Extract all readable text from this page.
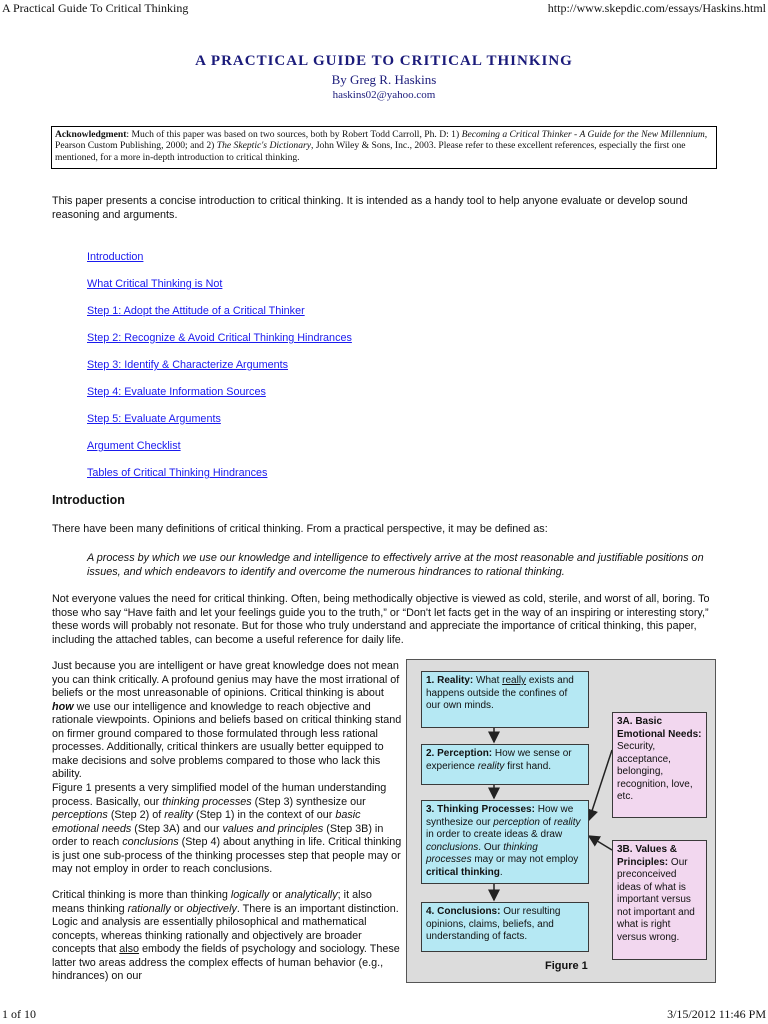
A Practical Guide To Critical Thinking	http://www.skepdic.com/essays/Haskins.html
A PRACTICAL GUIDE TO CRITICAL THINKING
By Greg R. Haskins
haskins02@yahoo.com
Acknowledgment: Much of this paper was based on two sources, both by Robert Todd Carroll, Ph. D: 1) Becoming a Critical Thinker - A Guide for the New Millennium, Pearson Custom Publishing, 2000; and 2) The Skeptic's Dictionary, John Wiley & Sons, Inc., 2003. Please refer to these excellent references, especially the first one mentioned, for a more in-depth introduction to critical thinking.
This paper presents a concise introduction to critical thinking. It is intended as a handy tool to help anyone evaluate or develop sound reasoning and arguments.
Introduction
What Critical Thinking is Not
Step 1: Adopt the Attitude of a Critical Thinker
Step 2: Recognize & Avoid Critical Thinking Hindrances
Step 3: Identify & Characterize Arguments
Step 4: Evaluate Information Sources
Step 5: Evaluate Arguments
Argument Checklist
Tables of Critical Thinking Hindrances
Introduction
There have been many definitions of critical thinking. From a practical perspective, it may be defined as:
A process by which we use our knowledge and intelligence to effectively arrive at the most reasonable and justifiable positions on issues, and which endeavors to identify and overcome the numerous hindrances to rational thinking.
Not everyone values the need for critical thinking. Often, being methodically objective is viewed as cold, sterile, and worst of all, boring. To those who say “Have faith and let your feelings guide you to the truth,” or “Don't let facts get in the way of an inspiring or interesting story,” these words will probably not resonate. But for those who truly understand and appreciate the importance of critical thinking, this paper, including the attached tables, can become a useful reference for daily life.
Just because you are intelligent or have great knowledge does not mean you can think critically. A profound genius may have the most irrational of beliefs or the most unreasonable of opinions. Critical thinking is about how we use our intelligence and knowledge to reach objective and rationale viewpoints. Opinions and beliefs based on critical thinking stand on firmer ground compared to those formulated through less rational processes. Additionally, critical thinkers are usually better equipped to make decisions and solve problems compared to those who lack this ability.
Figure 1 presents a very simplified model of the human understanding process. Basically, our thinking processes (Step 3) synthesize our perceptions (Step 2) of reality (Step 1) in the context of our basic emotional needs (Step 3A) and our values and principles (Step 3B) in order to reach conclusions (Step 4) about anything in life. Critical thinking is just one sub-process of the thinking processes step that people may or may not employ in order to reach conclusions.
Critical thinking is more than thinking logically or analytically; it also means thinking rationally or objectively. There is an important distinction. Logic and analysis are essentially philosophical and mathematical concepts, whereas thinking rationally and objectively are broader concepts that also embody the fields of psychology and sociology. These latter two areas address the complex effects of human behavior (e.g., hindrances) on our
1. Reality: What really exists and happens outside the confines of our own minds.
2. Perception: How we sense or experience reality first hand.
3. Thinking Processes: How we synthesize our perception of reality in order to create ideas & draw conclusions. Our thinking processes may or may not employ critical thinking.
4. Conclusions: Our resulting opinions, claims, beliefs, and understanding of facts.
3A. Basic Emotional Needs: Security, acceptance, belonging, recognition, love, etc.
3B. Values & Principles: Our preconceived ideas of what is important versus not important and what is right versus wrong.
Figure 1
1 of 10	3/15/2012 11:46 PM
